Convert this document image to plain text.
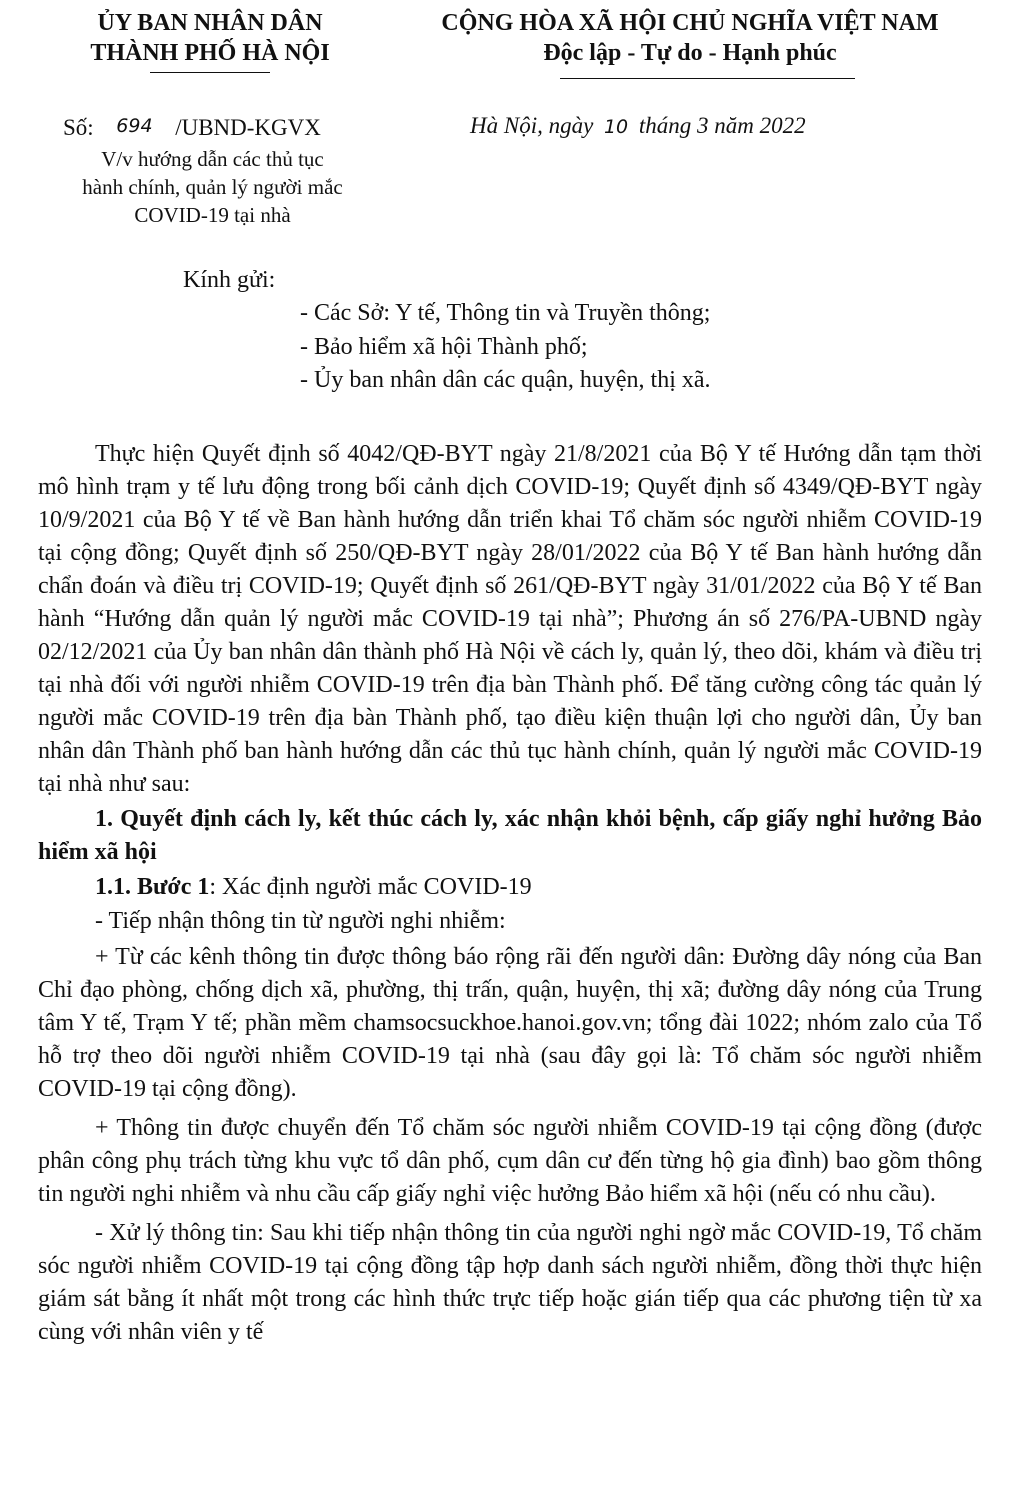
ỦY BAN NHÂN DÂN
THÀNH PHỐ HÀ NỘI
CỘNG HÒA XÃ HỘI CHỦ NGHĨA VIỆT NAM
Độc lập - Tự do - Hạnh phúc
Số: 694 /UBND-KGVX	Hà Nội, ngày 10 tháng 3 năm 2022
V/v hướng dẫn các thủ tục
hành chính, quản lý người mắc
COVID-19 tại nhà
Kính gửi:
- Các Sở: Y tế, Thông tin và Truyền thông;
- Bảo hiểm xã hội Thành phố;
- Ủy ban nhân dân các quận, huyện, thị xã.

Thực hiện Quyết định số 4042/QĐ-BYT ngày 21/8/2021 của Bộ Y tế Hướng dẫn tạm thời mô hình trạm y tế lưu động trong bối cảnh dịch COVID-19; Quyết định số 4349/QĐ-BYT ngày 10/9/2021 của Bộ Y tế về Ban hành hướng dẫn triển khai Tổ chăm sóc người nhiễm COVID-19 tại cộng đồng; Quyết định số 250/QĐ-BYT ngày 28/01/2022 của Bộ Y tế Ban hành hướng dẫn chẩn đoán và điều trị COVID-19; Quyết định số 261/QĐ-BYT ngày 31/01/2022 của Bộ Y tế Ban hành “Hướng dẫn quản lý người mắc COVID-19 tại nhà”; Phương án số 276/PA-UBND ngày 02/12/2021 của Ủy ban nhân dân thành phố Hà Nội về cách ly, quản lý, theo dõi, khám và điều trị tại nhà đối với người nhiễm COVID-19 trên địa bàn Thành phố. Để tăng cường công tác quản lý người mắc COVID-19 trên địa bàn Thành phố, tạo điều kiện thuận lợi cho người dân, Ủy ban nhân dân Thành phố ban hành hướng dẫn các thủ tục hành chính, quản lý người mắc COVID-19 tại nhà như sau:

1. Quyết định cách ly, kết thúc cách ly, xác nhận khỏi bệnh, cấp giấy nghỉ hưởng Bảo hiểm xã hội

1.1. Bước 1: Xác định người mắc COVID-19

- Tiếp nhận thông tin từ người nghi nhiễm:

+ Từ các kênh thông tin được thông báo rộng rãi đến người dân: Đường dây nóng của Ban Chỉ đạo phòng, chống dịch xã, phường, thị trấn, quận, huyện, thị xã; đường dây nóng của Trung tâm Y tế, Trạm Y tế; phần mềm chamsocsuckhoe.hanoi.gov.vn; tổng đài 1022; nhóm zalo của Tổ hỗ trợ theo dõi người nhiễm COVID-19 tại nhà (sau đây gọi là: Tổ chăm sóc người nhiễm COVID-19 tại cộng đồng).

+ Thông tin được chuyển đến Tổ chăm sóc người nhiễm COVID-19 tại cộng đồng (được phân công phụ trách từng khu vực tổ dân phố, cụm dân cư đến từng hộ gia đình) bao gồm thông tin người nghi nhiễm và nhu cầu cấp giấy nghỉ việc hưởng Bảo hiểm xã hội (nếu có nhu cầu).

- Xử lý thông tin: Sau khi tiếp nhận thông tin của người nghi ngờ mắc COVID-19, Tổ chăm sóc người nhiễm COVID-19 tại cộng đồng tập hợp danh sách người nhiễm, đồng thời thực hiện giám sát bằng ít nhất một trong các hình thức trực tiếp hoặc gián tiếp qua các phương tiện từ xa cùng với nhân viên y tế
